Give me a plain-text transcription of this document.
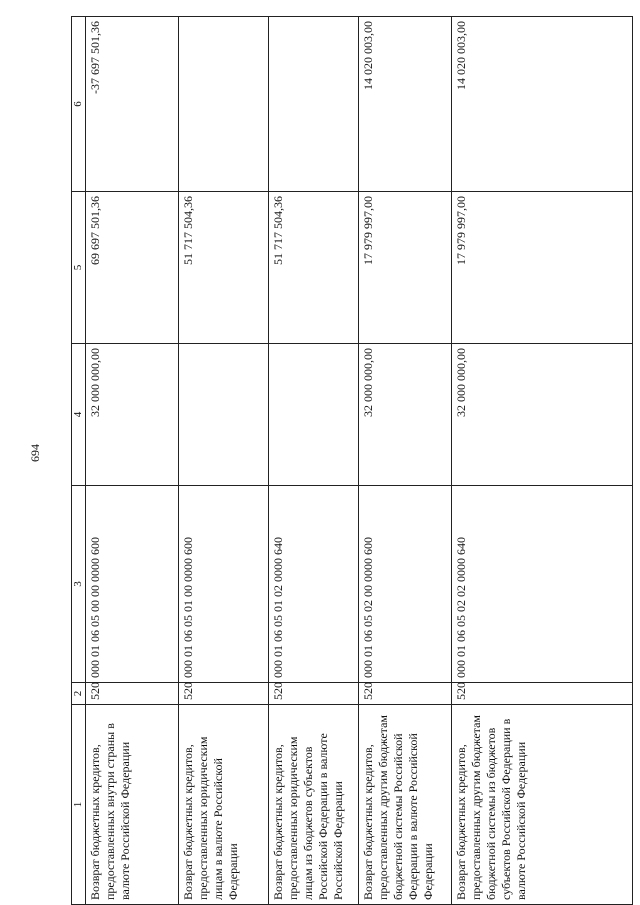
694
1	2	3	4	5	6
Возврат бюджетных кредитов, предоставленных внутри страны в валюте Российской Федерации	520	000 01 06 05 00 00 0000 600	32 000 000,00	69 697 501,36	-37 697 501,36
Возврат бюджетных кредитов, предоставленных юридическим лицам в валюте Российской Федерации	520	000 01 06 05 01 00 0000 600		51 717 504,36	
Возврат бюджетных кредитов, предоставленных юридическим лицам из бюджетов субъектов Российской Федерации в валюте Российской Федерации	520	000 01 06 05 01 02 0000 640		51 717 504,36	
Возврат бюджетных кредитов, предоставленных другим бюджетам бюджетной системы Российской Федерации в валюте Российской Федерации	520	000 01 06 05 02 00 0000 600	32 000 000,00	17 979 997,00	14 020 003,00
Возврат бюджетных кредитов, предоставленных другим бюджетам бюджетной системы из бюджетов субъектов Российской Федерации в валюте Российской Федерации	520	000 01 06 05 02 02 0000 640	32 000 000,00	17 979 997,00	14 020 003,00
